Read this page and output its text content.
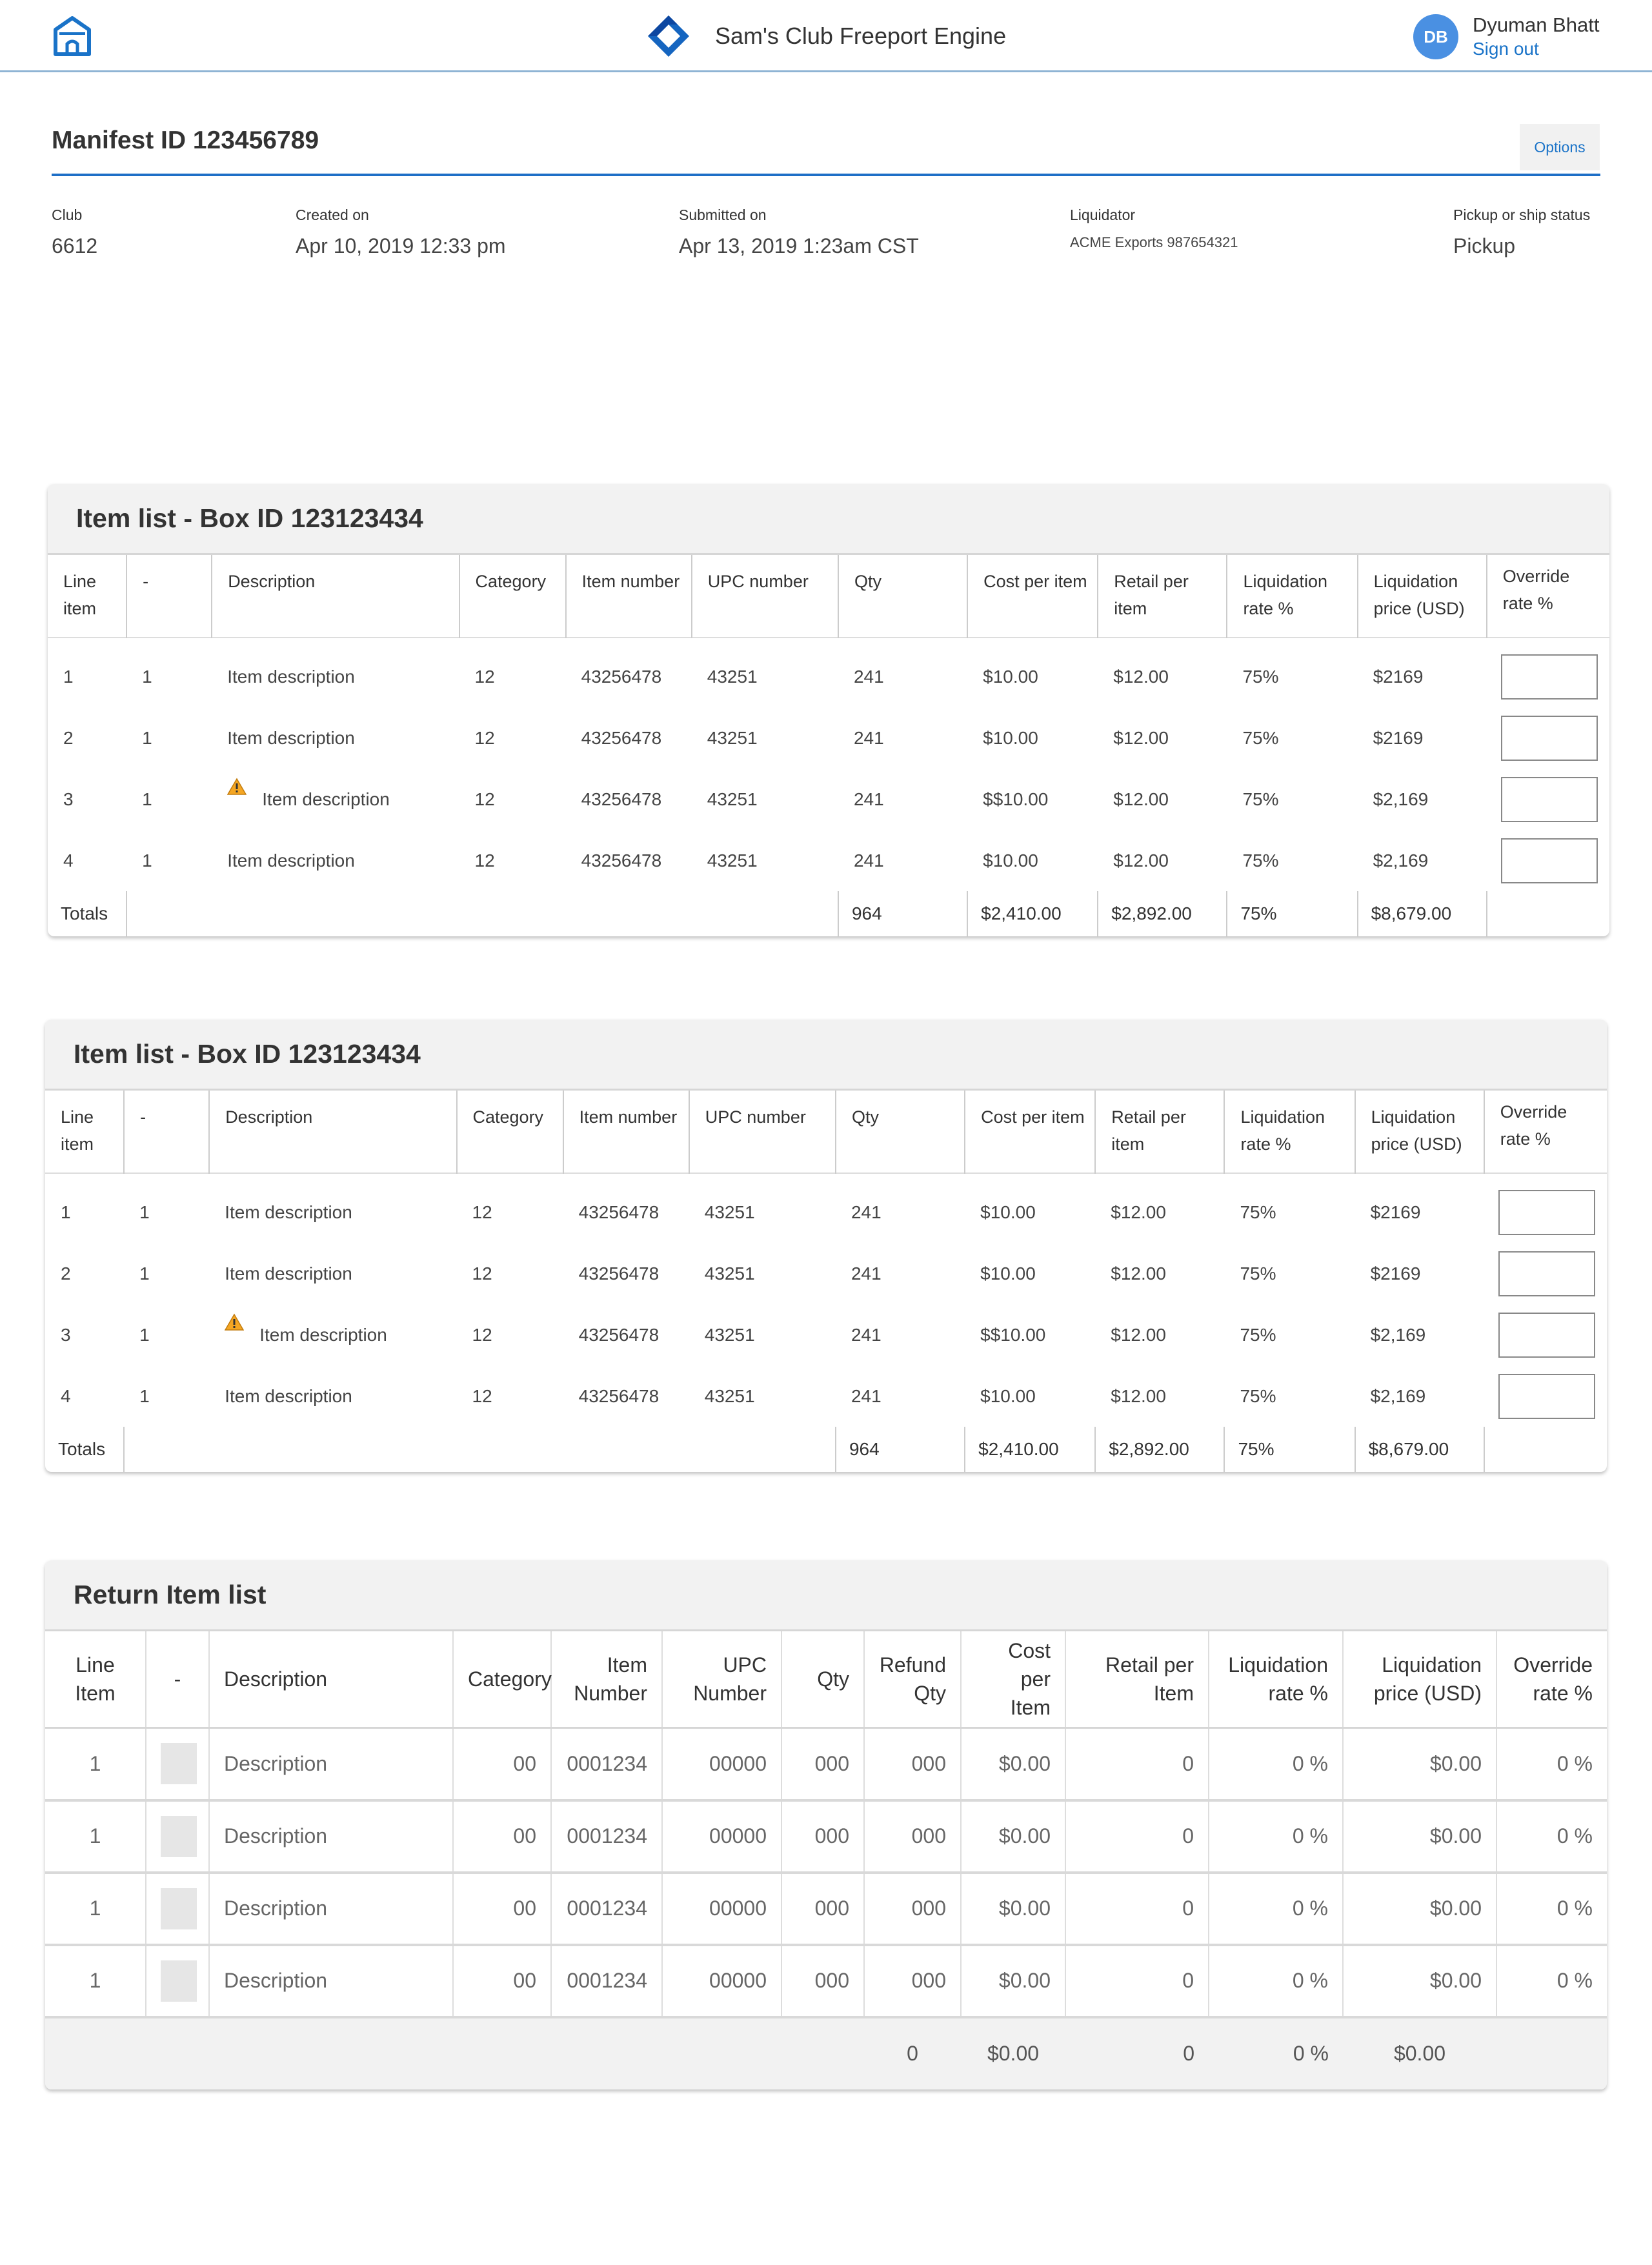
Sam's Club Freeport Engine	DB
Dyuman Bhatt
Sign out
Manifest ID 123456789	Options
Club
6612
Created on
Apr 10, 2019 12:33 pm
Submitted on
Apr 13, 2019 1:23am CST
Liquidator
ACME Exports 987654321
Pickup or ship status
Pickup
Item list - Box ID 123123434
Line item	-	Description	Category	Item number	UPC number	Qty	Cost per item	Retail per item	Liquidation rate %	Liquidation price (USD)	Override rate %
1	1	Item description	12	43256478	43251	241	$10.00	$12.00	75%	$2169	
2	1	Item description	12	43256478	43251	241	$10.00	$12.00	75%	$2169	
3	1	Item description	12	43256478	43251	241	$$10.00	$12.00	75%	$2,169	
4	1	Item description	12	43256478	43251	241	$10.00	$12.00	75%	$2,169	
Totals						964	$2,410.00	$2,892.00	75%	$8,679.00	
Item list - Box ID 123123434
Line item	-	Description	Category	Item number	UPC number	Qty	Cost per item	Retail per item	Liquidation rate %	Liquidation price (USD)	Override rate %
1	1	Item description	12	43256478	43251	241	$10.00	$12.00	75%	$2169	
2	1	Item description	12	43256478	43251	241	$10.00	$12.00	75%	$2169	
3	1	Item description	12	43256478	43251	241	$$10.00	$12.00	75%	$2,169	
4	1	Item description	12	43256478	43251	241	$10.00	$12.00	75%	$2,169	
Totals						964	$2,410.00	$2,892.00	75%	$8,679.00	
Return Item list
Line Item	-	Description	Category	Item Number	UPC Number	Qty	Refund Qty	Cost per Item	Retail per Item	Liquidation rate %	Liquidation price (USD)	Override rate %
1		Description	00	0001234	00000	000	000	$0.00	0	0 %	$0.00	0 %
1		Description	00	0001234	00000	000	000	$0.00	0	0 %	$0.00	0 %
1		Description	00	0001234	00000	000	000	$0.00	0	0 %	$0.00	0 %
1		Description	00	0001234	00000	000	000	$0.00	0	0 %	$0.00	0 %
							0	$0.00	0	0 %	$0.00	
